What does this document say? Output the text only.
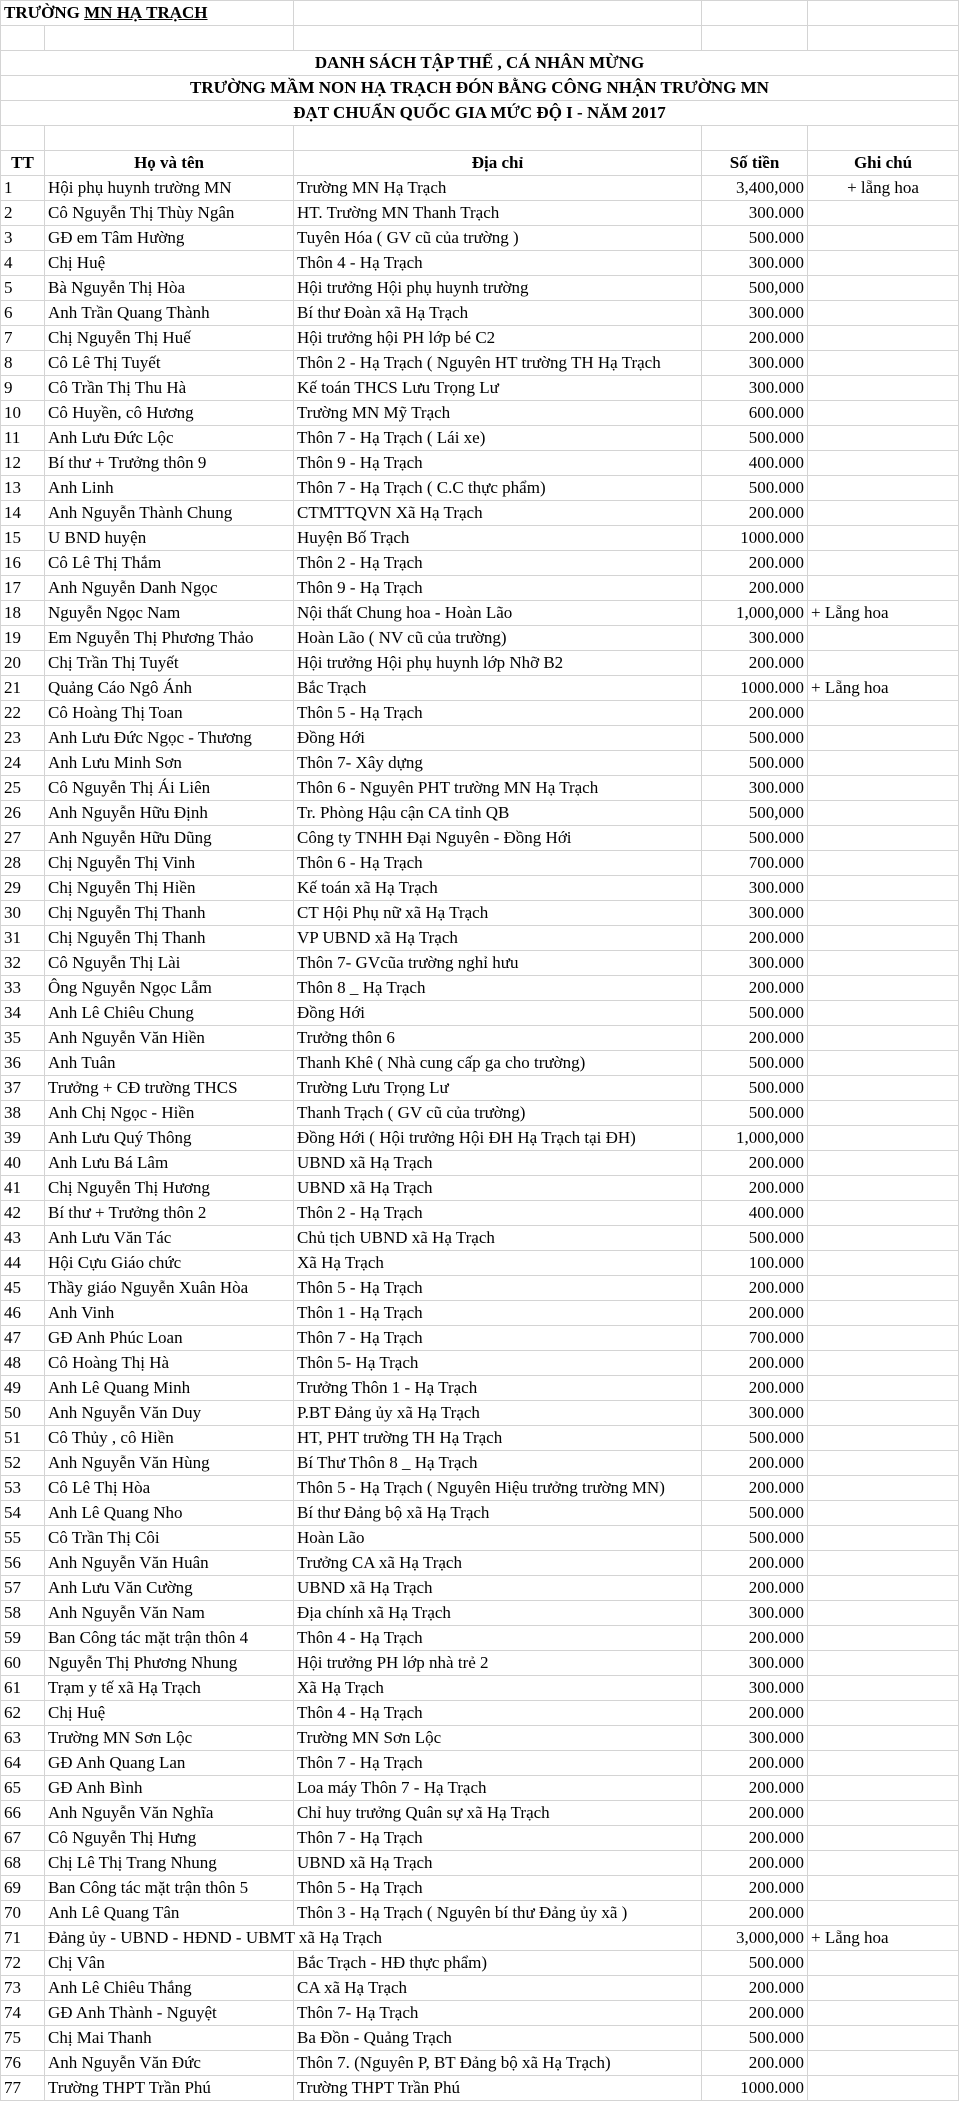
TRƯỜNG MN HẠ TRẠCH				

DANH SÁCH TẬP THỂ , CÁ NHÂN MỪNG				
TRƯỜNG MẦM NON HẠ TRẠCH ĐÓN BẰNG CÔNG NHẬN TRƯỜNG MN				
ĐẠT CHUẨN QUỐC GIA MỨC ĐỘ I - NĂM 2017				

TT	Họ và tên	Địa chỉ	Số tiền	Ghi chú
1	Hội phụ huynh trường MN	Trường MN Hạ Trạch	3,400,000	+ lẵng hoa
2	Cô Nguyễn Thị Thùy Ngân	HT. Trường MN Thanh Trạch	300.000	
3	GĐ em Tâm Hường	Tuyên Hóa ( GV cũ của trường )	500.000	
4	Chị Huệ	Thôn 4 - Hạ Trạch	300.000	
5	Bà Nguyễn Thị Hòa	Hội trưởng Hội phụ huynh trường	500,000	
6	Anh Trần Quang Thành	Bí thư Đoàn xã Hạ Trạch	300.000	
7	Chị Nguyễn Thị Huế	Hội trưởng hội PH lớp bé C2	200.000	
8	Cô Lê Thị Tuyết	Thôn 2 - Hạ Trạch ( Nguyên HT trường TH Hạ Trạch	300.000	
9	Cô Trần Thị Thu Hà	Kế toán THCS Lưu Trọng Lư	300.000	
10	Cô Huyền, cô Hương	Trường MN Mỹ Trạch	600.000	
11	Anh Lưu Đức Lộc	Thôn 7 - Hạ Trạch ( Lái xe)	500.000	
12	Bí thư + Trưởng thôn 9	Thôn 9 - Hạ Trạch	400.000	
13	Anh Linh	Thôn 7 - Hạ Trạch ( C.C thực phẩm)	500.000	
14	Anh Nguyễn Thành Chung	CTMTTQVN Xã Hạ Trạch	200.000	
15	U BND huyện	Huyện Bố Trạch	1000.000	
16	Cô Lê Thị Thắm	Thôn 2 - Hạ Trạch	200.000	
17	Anh Nguyễn Danh Ngọc	Thôn 9 - Hạ Trạch	200.000	
18	Nguyễn Ngọc Nam	Nội thất Chung hoa - Hoàn Lão	1,000,000	+ Lẵng hoa
19	Em Nguyễn Thị Phương Thảo	Hoàn Lão ( NV cũ của trường)	300.000	
20	Chị Trần Thị Tuyết	Hội trưởng Hội phụ huynh lớp Nhỡ B2	200.000	
21	Quảng Cáo Ngô Ánh	Bắc Trạch	1000.000	+ Lẵng hoa
22	Cô Hoàng Thị Toan	Thôn 5 - Hạ Trạch	200.000	
23	Anh Lưu Đức Ngọc - Thương	Đồng Hới	500.000	
24	Anh Lưu Minh Sơn	Thôn 7- Xây dựng	500.000	
25	Cô Nguyễn Thị Ái Liên	Thôn 6 - Nguyên PHT trường MN Hạ Trạch	300.000	
26	Anh Nguyễn Hữu Định	Tr. Phòng Hậu cận CA tỉnh QB	500,000	
27	Anh Nguyễn Hữu Dũng	Công ty TNHH Đại Nguyên - Đồng Hới	500.000	
28	Chị Nguyễn Thị Vinh	Thôn 6 - Hạ Trạch	700.000	
29	Chị Nguyễn Thị Hiền	Kế toán xã Hạ Trạch	300.000	
30	Chị Nguyễn Thị Thanh	CT Hội Phụ nữ xã Hạ Trạch	300.000	
31	Chị Nguyễn Thị Thanh	VP UBND xã Hạ Trạch	200.000	
32	Cô Nguyễn Thị Lài	Thôn 7- GVcũa trường nghỉ hưu	300.000	
33	Ông Nguyễn Ngọc Lẫm	Thôn 8 _ Hạ Trạch	200.000	
34	Anh Lê Chiêu Chung	Đồng Hới	500.000	
35	Anh Nguyễn Văn Hiền	Trưởng thôn 6	200.000	
36	Anh Tuân	Thanh Khê ( Nhà cung cấp ga cho trường)	500.000	
37	Trưởng + CĐ trường THCS	Trường Lưu Trọng Lư	500.000	
38	Anh Chị Ngọc - Hiền	Thanh Trạch ( GV cũ của trường)	500.000	
39	Anh Lưu Quý Thông	Đồng Hới ( Hội trưởng Hội ĐH Hạ Trạch tại ĐH)	1,000,000	
40	Anh Lưu Bá Lâm	UBND xã Hạ Trạch	200.000	
41	Chị Nguyễn Thị Hương	UBND xã Hạ Trạch	200.000	
42	Bí thư + Trưởng thôn 2	Thôn 2 - Hạ Trạch	400.000	
43	Anh Lưu Văn Tác	Chủ tịch UBND xã Hạ Trạch	500.000	
44	Hội Cựu Giáo chức	Xã Hạ Trạch	100.000	
45	Thầy giáo Nguyễn Xuân Hòa	Thôn 5 - Hạ Trạch	200.000	
46	Anh Vinh	Thôn 1 - Hạ Trạch	200.000	
47	GĐ Anh Phúc Loan	Thôn 7 - Hạ Trạch	700.000	
48	Cô Hoàng Thị Hà	Thôn 5- Hạ Trạch	200.000	
49	Anh Lê Quang Minh	Trưởng Thôn 1 - Hạ Trạch	200.000	
50	Anh Nguyễn Văn Duy	P.BT Đảng ủy xã Hạ Trạch	300.000	
51	Cô Thủy , cô Hiền	HT, PHT trường TH Hạ Trạch	500.000	
52	Anh Nguyễn Văn Hùng	Bí Thư Thôn 8 _ Hạ Trạch	200.000	
53	Cô Lê Thị Hòa	Thôn 5 - Hạ Trạch ( Nguyên Hiệu trưởng trường MN)	200.000	
54	Anh Lê Quang Nho	Bí thư Đảng bộ xã Hạ Trạch	500.000	
55	Cô Trần Thị Côi	Hoàn Lão	500.000	
56	Anh Nguyễn Văn Huân	Trưởng CA xã Hạ Trạch	200.000	
57	Anh Lưu Văn Cường	UBND xã Hạ Trạch	200.000	
58	Anh Nguyễn Văn Nam	Địa chính xã Hạ Trạch	300.000	
59	Ban Công tác mặt trận thôn 4	Thôn 4 - Hạ Trạch	200.000	
60	Nguyễn Thị Phương Nhung	Hội trưởng PH lớp nhà trẻ 2	300.000	
61	Trạm y tế xã Hạ Trạch	Xã Hạ Trạch	300.000	
62	Chị Huệ	Thôn 4 - Hạ Trạch	200.000	
63	Trường MN Sơn Lộc	Trường MN Sơn Lộc	300.000	
64	GĐ Anh Quang Lan	Thôn 7 - Hạ Trạch	200.000	
65	GĐ Anh Bình	Loa máy Thôn 7 - Hạ Trạch	200.000	
66	Anh Nguyễn Văn Nghĩa	Chỉ huy trưởng Quân sự xã Hạ Trạch	200.000	
67	Cô Nguyễn Thị Hưng	Thôn 7 - Hạ Trạch	200.000	
68	Chị Lê Thị Trang Nhung	UBND xã Hạ Trạch	200.000	
69	Ban Công tác mặt trận thôn 5	Thôn 5 - Hạ Trạch	200.000	
70	Anh Lê Quang Tân	Thôn 3 - Hạ Trạch ( Nguyên bí thư Đảng ủy xã )	200.000	
71	Đảng ủy - UBND - HĐND - UBMT xã Hạ Trạch		3,000,000	+ Lẵng hoa
72	Chị Vân	Bắc Trạch - HĐ thực phẩm)	500.000	
73	Anh Lê Chiêu Thắng	CA xã Hạ Trạch	200.000	
74	GĐ Anh Thành - Nguyệt	Thôn 7- Hạ Trạch	200.000	
75	Chị Mai Thanh	Ba Đồn - Quảng Trạch	500.000	
76	Anh Nguyễn Văn Đức	Thôn 7. (Nguyên P, BT Đảng bộ xã Hạ Trạch)	200.000	
77	Trường THPT Trần Phú	Trường THPT Trần Phú	1000.000	
